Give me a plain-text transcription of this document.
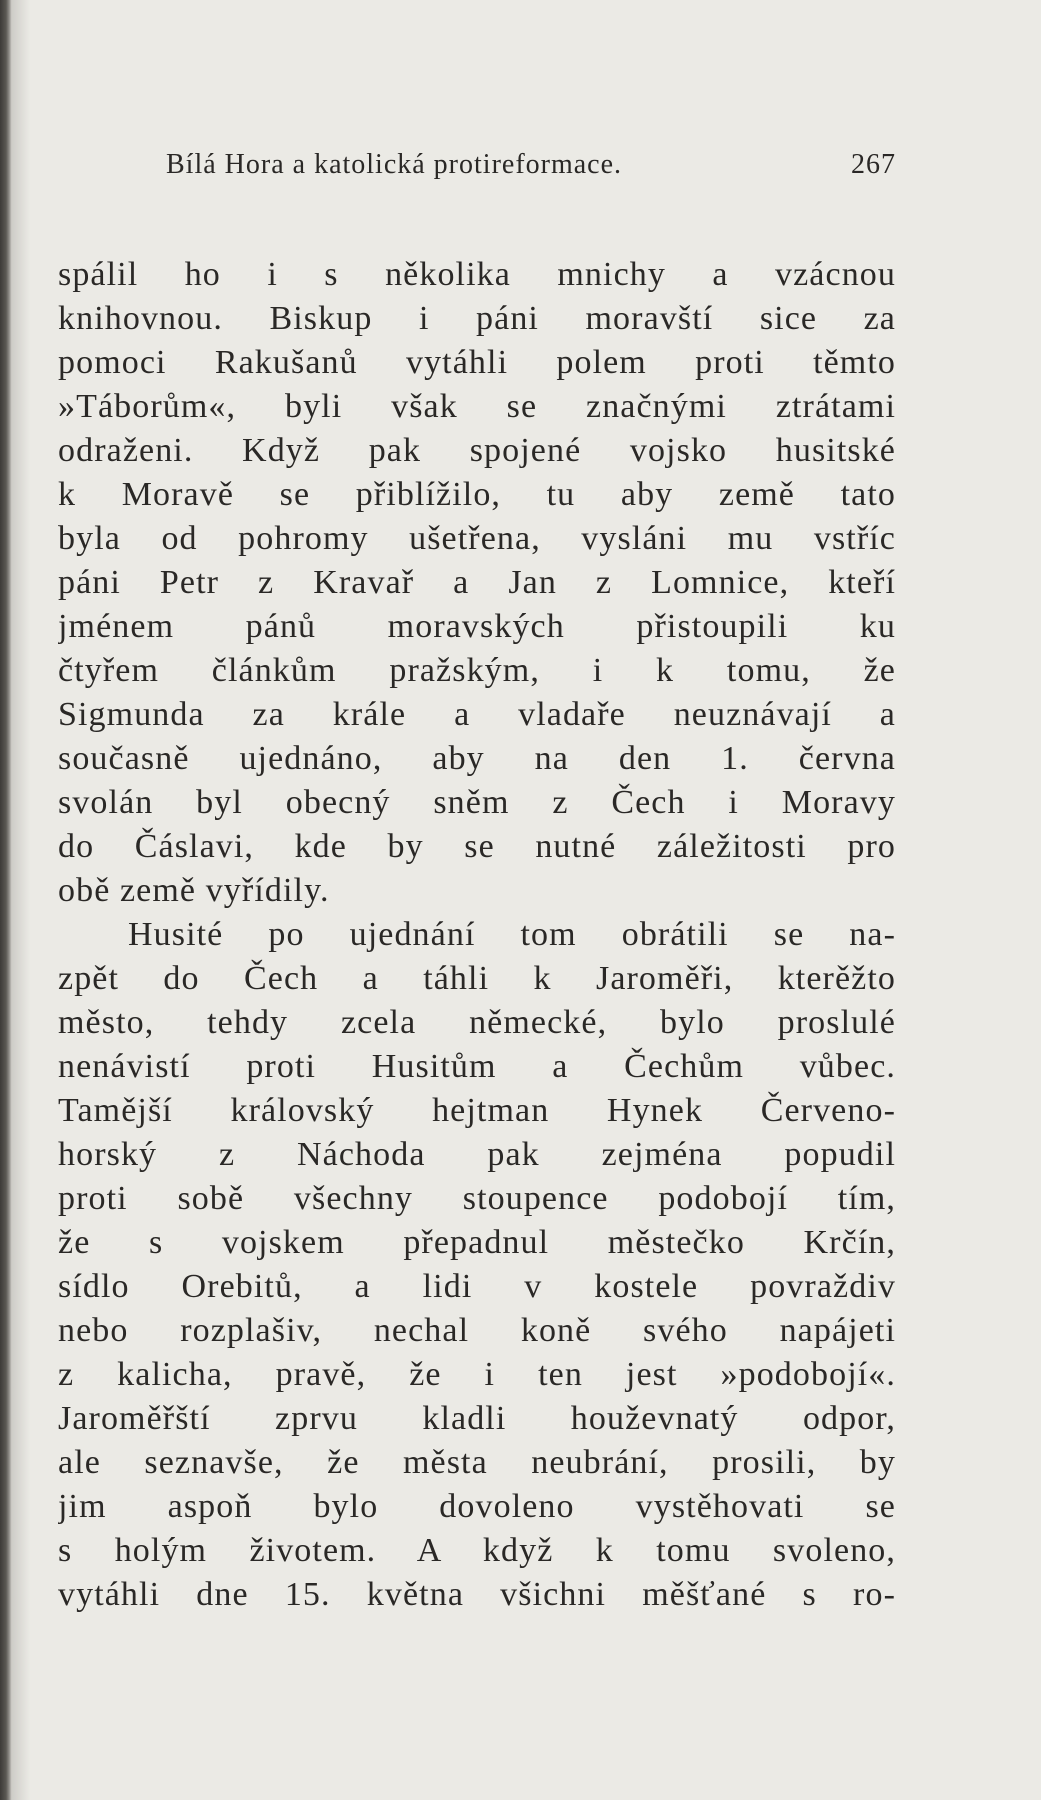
Bílá Hora a katolická protireformace.	267
spálil ho i s několika mnichy a vzácnou
knihovnou. Biskup i páni moravští sice za
pomoci Rakušanů vytáhli polem proti těmto
»Táborům«, byli však se značnými ztrátami
odraženi. Když pak spojené vojsko husitské
k Moravě se přiblížilo, tu aby země tato
byla od pohromy ušetřena, vysláni mu vstříc
páni Petr z Kravař a Jan z Lomnice, kteří
jménem pánů moravských přistoupili ku
čtyřem článkům pražským, i k tomu, že
Sigmunda za krále a vladaře neuznávají a
současně ujednáno, aby na den 1. června
svolán byl obecný sněm z Čech i Moravy
do Čáslavi, kde by se nutné záležitosti pro
obě země vyřídily.
Husité po ujednání tom obrátili se na-
zpět do Čech a táhli k Jaroměři, kterěžto
město, tehdy zcela německé, bylo proslulé
nenávistí proti Husitům a Čechům vůbec.
Tamější královský hejtman Hynek Červeno-
horský z Náchoda pak zejména popudil
proti sobě všechny stoupence podobojí tím,
že s vojskem přepadnul městečko Krčín,
sídlo Orebitů, a lidi v kostele povraždiv
nebo rozplašiv, nechal koně svého napájeti
z kalicha, pravě, že i ten jest »podobojí«.
Jaroměřští zprvu kladli houževnatý odpor,
ale seznavše, že města neubrání, prosili, by
jim aspoň bylo dovoleno vystěhovati se
s holým životem. A když k tomu svoleno,
vytáhli dne 15. května všichni měšťané s ro-
